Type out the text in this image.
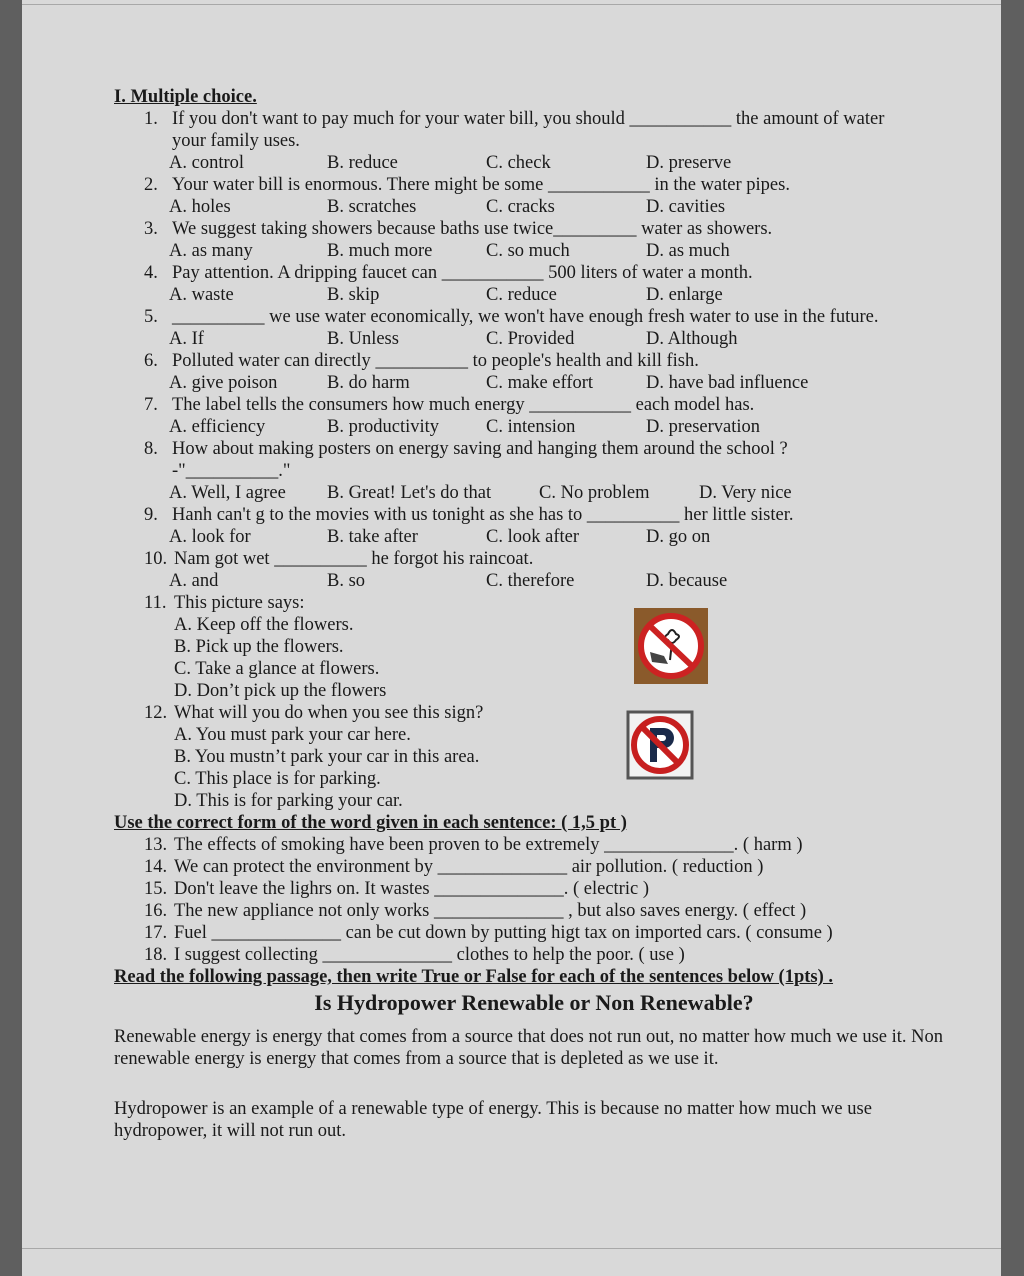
I. Multiple choice.
1. If you don't want to pay much for your water bill, you should ___________ the amount of water
your family uses.
A. control	B. reduce	C. check	D. preserve
2. Your water bill is enormous. There might be some ___________ in the water pipes.
A. holes	B. scratches	C. cracks	D. cavities
3. We suggest taking showers because baths use twice_________ water as showers.
A. as many	B. much more	C. so much	D. as much
4. Pay attention. A dripping faucet can ___________ 500 liters of water a month.
A. waste	B. skip	C. reduce	D. enlarge
5. __________ we use water economically, we won't have enough fresh water to use in the future.
A. If	B. Unless	C. Provided	D. Although
6. Polluted water can directly __________ to people's health and kill fish.
A. give poison	B. do harm	C. make effort	D. have bad influence
7. The label tells the consumers how much energy ___________ each model has.
A. efficiency	B. productivity	C. intension	D. preservation
8. How about making posters on energy saving and hanging them around the school ?
-"__________."
A. Well, I agree B. Great! Let's do that	C. No problem	D. Very nice
9. Hanh can't g to the movies with us tonight as she has to __________ her little sister.
A. look for	B. take after	C. look after	D. go on
10. Nam got wet __________ he forgot his raincoat.
A. and	B. so	C. therefore	D. because
11. This picture says:
A. Keep off the flowers.
B. Pick up the flowers.
C. Take a glance at flowers.
D. Don’t pick up the flowers
12. What will you do when you see this sign?
A. You must park your car here.
B. You mustn’t park your car in this area.
C. This place is for parking.
D. This is for parking your car.
Use the correct form of the word given in each sentence: ( 1,5 pt )
13. The effects of smoking have been proven to be extremely ______________. ( harm )
14. We can protect the environment by ______________ air pollution. ( reduction )
15. Don't leave the lighrs on. It wastes ______________. ( electric )
16. The new appliance not only works ______________ , but also saves energy. ( effect )
17. Fuel ______________ can be cut down by putting higt tax on imported cars. ( consume )
18. I suggest collecting ______________ clothes to help the poor. ( use )
Read the following passage, then write True or False for each of the sentences below (1pts) .
Is Hydropower Renewable or Non Renewable?
Renewable energy is energy that comes from a source that does not run out, no matter how much we use it. Non renewable energy is energy that comes from a source that is depleted as we use it.
Hydropower is an example of a renewable type of energy. This is because no matter how much we use hydropower, it will not run out.
